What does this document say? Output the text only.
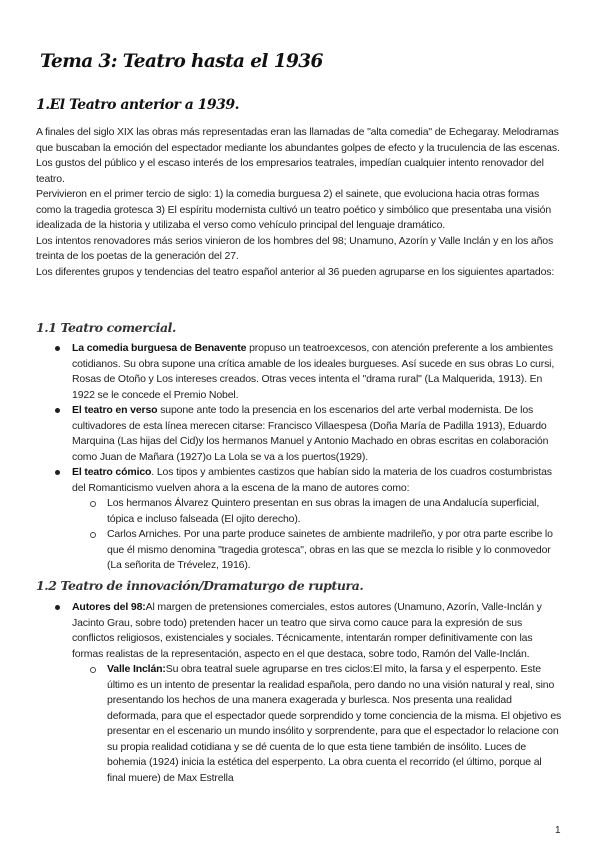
Tema 3: Teatro hasta el 1936
1.El Teatro anterior a 1939.

A finales del siglo XIX las obras más representadas eran las llamadas de "alta comedia" de Echegaray. Melodramas que buscaban la emoción del espectador mediante los abundantes golpes de efecto y la truculencia de las escenas. Los gustos del público y el escaso interés de los empresarios teatrales, impedían cualquier intento renovador del teatro.

Pervivieron en el primer tercio de siglo: 1) la comedia burguesa 2) el sainete, que evoluciona hacia otras formas como la tragedia grotesca 3) El espíritu modernista cultivó un teatro poético y simbólico que presentaba una visión idealizada de la historia y utilizaba el verso como vehículo principal del lenguaje dramático.

Los intentos renovadores más serios vinieron de los hombres del 98; Unamuno, Azorín y Valle Inclán y en los años treinta de los poetas de la generación del 27.

Los diferentes grupos y tendencias del teatro español anterior al 36 pueden agruparse en los siguientes apartados:

1.1 Teatro comercial.
La comedia burguesa de Benavente propuso un teatroexcesos, con atención preferente a los ambientes cotidianos. Su obra supone una crítica amable de los ideales burgueses. Así sucede en sus obras Lo cursi, Rosas de Otoño y Los intereses creados. Otras veces intenta el "drama rural" (La Malquerida, 1913). En 1922 se le concede el Premio Nobel.
El teatro en verso supone ante todo la presencia en los escenarios del arte verbal modernista. De los cultivadores de esta línea merecen citarse: Francisco Villaespesa (Doña María de Padilla 1913), Eduardo Marquina (Las hijas del Cid)y los hermanos Manuel y Antonio Machado en obras escritas en colaboración como Juan de Mañara (1927)o La Lola se va a los puertos(1929).
El teatro cómico. Los tipos y ambientes castizos que habían sido la materia de los cuadros costumbristas del Romanticismo vuelven ahora a la escena de la mano de autores como:
Los hermanos Álvarez Quintero presentan en sus obras la imagen de una Andalucía superficial, tópica e incluso falseada (El ojito derecho).
Carlos Arniches. Por una parte produce sainetes de ambiente madrileño, y por otra parte escribe lo que él mismo denomina "tragedia grotesca", obras en las que se mezcla lo risible y lo conmovedor (La señorita de Trévelez, 1916).
1.2 Teatro de innovación/Dramaturgo de ruptura.
Autores del 98:Al margen de pretensiones comerciales, estos autores (Unamuno, Azorín, Valle-Inclán y Jacinto Grau, sobre todo) pretenden hacer un teatro que sirva como cauce para la expresión de sus conflictos religiosos, existenciales y sociales. Técnicamente, intentarán romper definitivamente con las formas realistas de la representación, aspecto en el que destaca, sobre todo, Ramón del Valle-Inclán.
Valle Inclán:Su obra teatral suele agruparse en tres ciclos:El mito, la farsa y el esperpento. Este último es un intento de presentar la realidad española, pero dando no una visión natural y real, sino presentando los hechos de una manera exagerada y burlesca. Nos presenta una realidad deformada, para que el espectador quede sorprendido y tome conciencia de la misma. El objetivo es presentar en el escenario un mundo insólito y sorprendente, para que el espectador lo relacione con su propia realidad cotidiana y se dé cuenta de lo que esta tiene también de insólito. Luces de bohemia (1924) inicia la estética del esperpento. La obra cuenta el recorrido (el último, porque al final muere) de Max Estrella
1
